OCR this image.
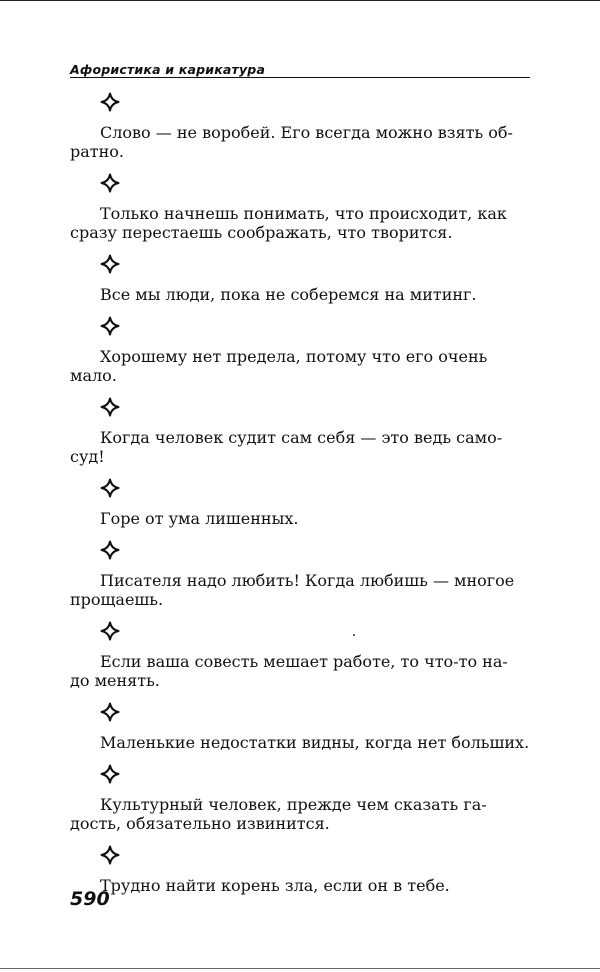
Афористика и карикатура

Слово — не воробей. Его всегда можно взять об-
ратно.

Только начнешь понимать, что происходит, как
сразу перестаешь соображать, что творится.

Все мы люди, пока не соберемся на митинг.

Хорошему нет предела, потому что его очень
мало.

Когда человек судит сам себя — это ведь само-
суд!

Горе от ума лишенных.

Писателя надо любить! Когда любишь — многое
прощаешь.

Если ваша совесть мешает работе, то что-то на-
до менять.

Маленькие недостатки видны, когда нет больших.

Культурный человек, прежде чем сказать га-
дость, обязательно извинится.

Трудно найти корень зла, если он в тебе.

590
